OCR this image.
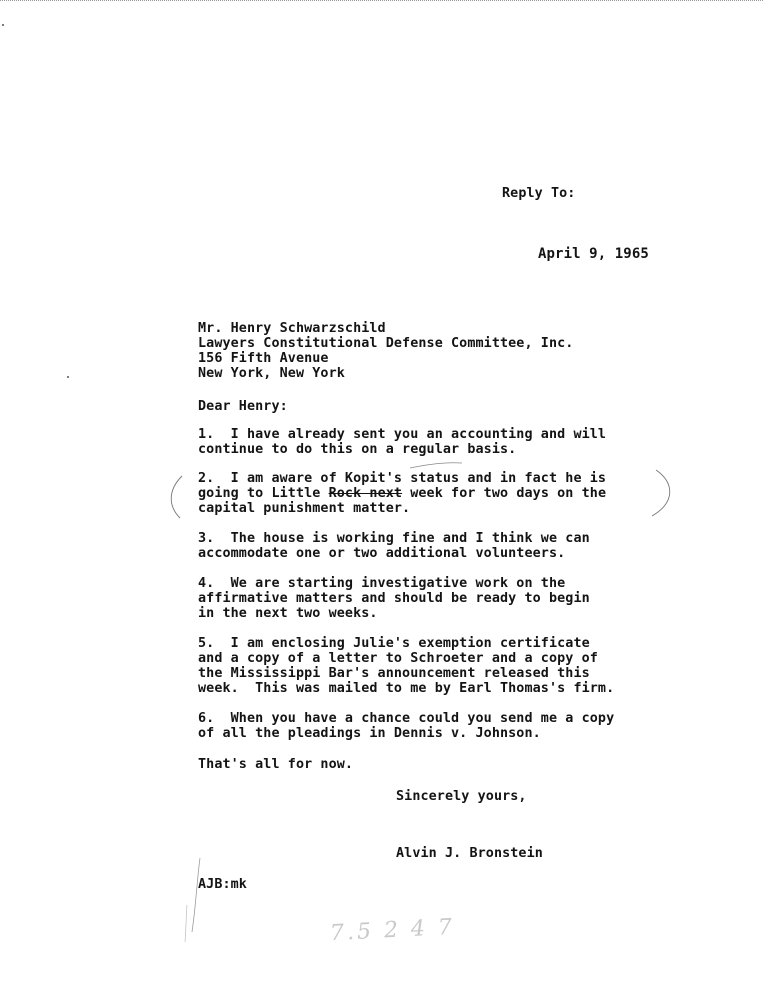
Reply To:
April 9, 1965
Mr. Henry Schwarzschild
Lawyers Constitutional Defense Committee, Inc.
156 Fifth Avenue
New York, New York
Dear Henry:
1.  I have already sent you an accounting and will
continue to do this on a regular basis.
2.  I am aware of Kopit's status and in fact he is
going to Little Rock next week for two days on the
capital punishment matter.
3.  The house is working fine and I think we can
accommodate one or two additional volunteers.
4.  We are starting investigative work on the
affirmative matters and should be ready to begin
in the next two weeks.
5.  I am enclosing Julie's exemption certificate
and a copy of a letter to Schroeter and a copy of
the Mississippi Bar's announcement released this
week.  This was mailed to me by Earl Thomas's firm.
6.  When you have a chance could you send me a copy
of all the pleadings in Dennis v. Johnson.
That's all for now.
Sincerely yours,
Alvin J. Bronstein
AJB:mk
7.5 2 4 7
